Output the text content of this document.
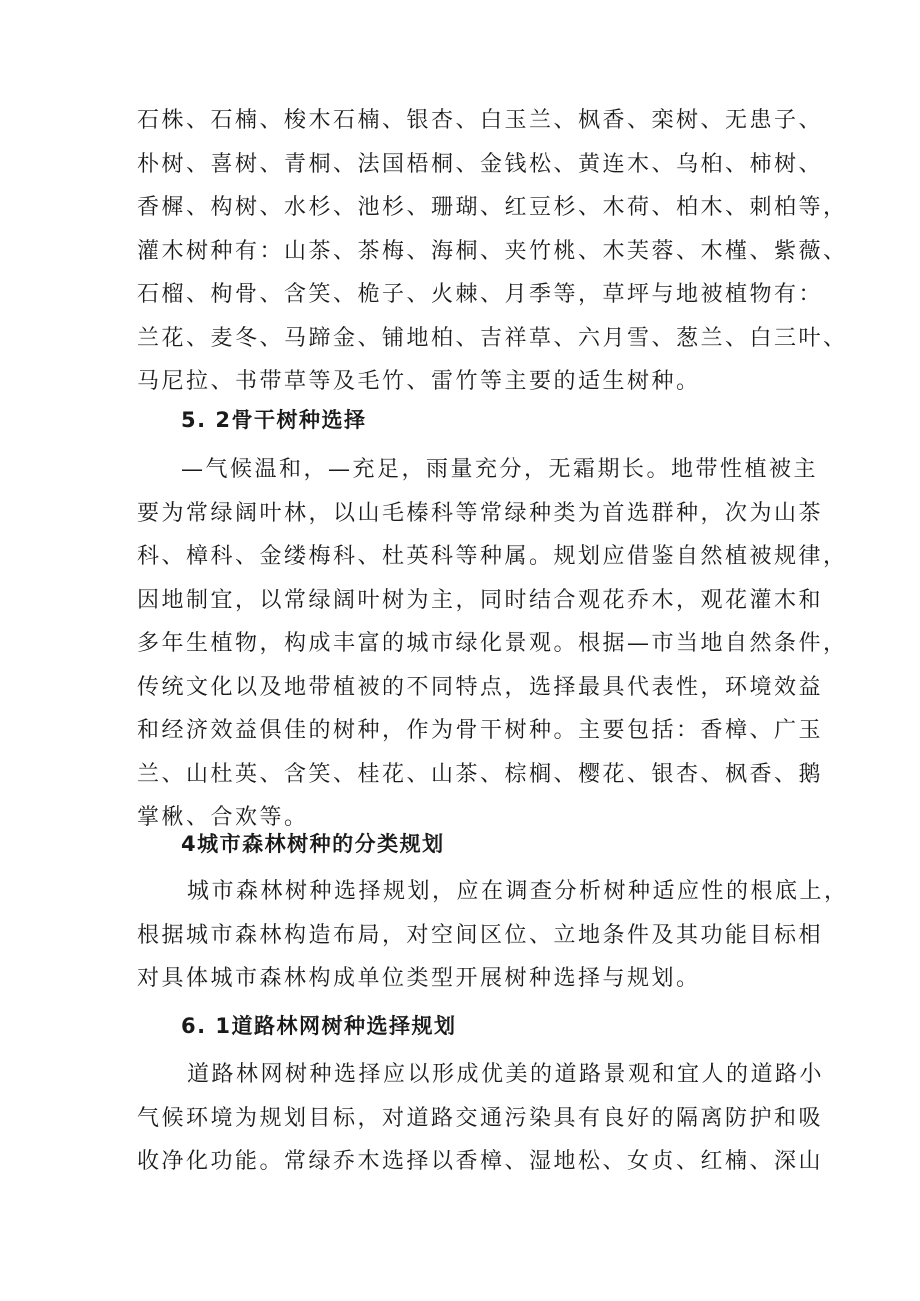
石株、石楠、梭木石楠、银杏、白玉兰、枫香、栾树、无患子、
朴树、喜树、青桐、法国梧桐、金钱松、黄连木、乌桕、柿树、
香樨、构树、水杉、池杉、珊瑚、红豆杉、木荷、柏木、刺柏等，
灌木树种有：山茶、茶梅、海桐、夹竹桃、木芙蓉、木槿、紫薇、
石榴、枸骨、含笑、桅子、火棘、月季等，草坪与地被植物有：
兰花、麦冬、马蹄金、铺地柏、吉祥草、六月雪、葱兰、白三叶、
马尼拉、书带草等及毛竹、雷竹等主要的适生树种。

5. 2骨干树种选择

—气候温和，—充足，雨量充分，无霜期长。地带性植被主
要为常绿阔叶林，以山毛榛科等常绿种类为首选群种，次为山茶
科、樟科、金缕梅科、杜英科等种属。规划应借鉴自然植被规律，
因地制宜，以常绿阔叶树为主，同时结合观花乔木，观花灌木和
多年生植物，构成丰富的城市绿化景观。根据—市当地自然条件，
传统文化以及地带植被的不同特点，选择最具代表性，环境效益
和经济效益俱佳的树种，作为骨干树种。主要包括：香樟、广玉
兰、山杜英、含笑、桂花、山茶、棕榈、樱花、银杏、枫香、鹅
掌楸、合欢等。

4城市森林树种的分类规划

城市森林树种选择规划，应在调查分析树种适应性的根底上，
根据城市森林构造布局，对空间区位、立地条件及其功能目标相
对具体城市森林构成单位类型开展树种选择与规划。

6. 1道路林网树种选择规划

道路林网树种选择应以形成优美的道路景观和宜人的道路小
气候环境为规划目标，对道路交通污染具有良好的隔离防护和吸
收净化功能。常绿乔木选择以香樟、湿地松、女贞、红楠、深山
